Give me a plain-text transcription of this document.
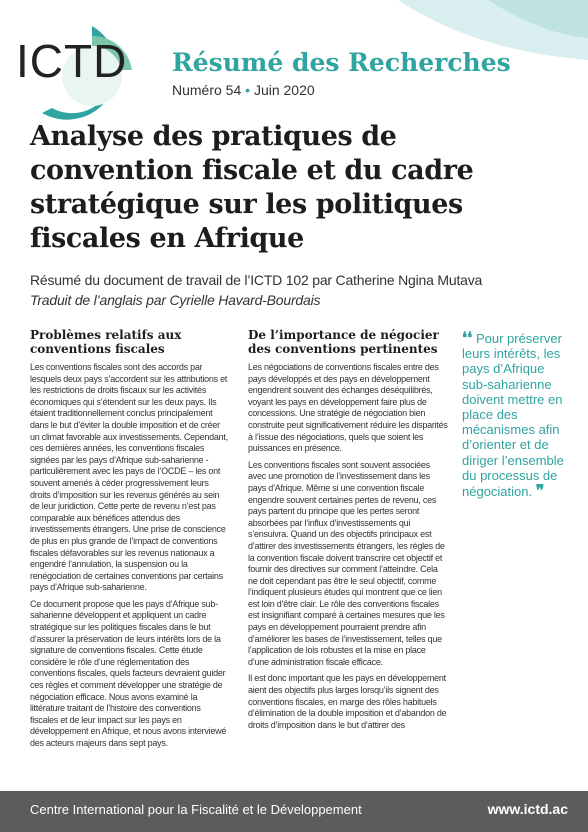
ICTD Résumé des Recherches
Numéro 54 • Juin 2020
Analyse des pratiques de convention fiscale et du cadre stratégique sur les politiques fiscales en Afrique
Résumé du document de travail de l’ICTD 102 par Catherine Ngina Mutava
Traduit de l’anglais par Cyrielle Havard-Bourdais
Problèmes relatifs aux conventions fiscales

Les conventions fiscales sont des accords par lesquels deux pays s’accordent sur les attributions et les restrictions de droits fiscaux sur les activités économiques qui s’étendent sur les deux pays. Ils étaient traditionnellement conclus principalement dans le but d’éviter la double imposition et de créer un climat favorable aux investissements. Cependant, ces dernières années, les conventions fiscales signées par les pays d’Afrique sub-saharienne -particulièrement avec les pays de l’OCDE – les ont souvent amenés à céder progressivement leurs droits d’imposition sur les revenus générés au sein de leur juridiction. Cette perte de revenu n’est pas comparable aux bénéfices attendus des investissements étrangers. Une prise de conscience de plus en plus grande de l’impact de conventions fiscales défavorables sur les revenus nationaux a engendré l’annulation, la suspension ou la renégociation de certaines conventions par certains pays d’Afrique sub-saharienne.

Ce document propose que les pays d’Afrique sub-saharienne développent et appliquent un cadre stratégique sur les politiques fiscales dans le but d’assurer la préservation de leurs intérêts lors de la signature de conventions fiscales. Cette étude considère le rôle d’une réglementation des conventions fiscales, quels facteurs devraient guider ces règles et comment développer une stratégie de négociation efficace. Nous avons examiné la littérature traitant de l’histoire des conventions fiscales et de leur impact sur les pays en développement en Afrique, et nous avons interviewé des acteurs majeurs dans sept pays.

De l’importance de négocier des conventions pertinentes

Les négociations de conventions fiscales entre des pays développés et des pays en développement engendrent souvent des échanges déséquilibrés, voyant les pays en développement faire plus de concessions. Une stratégie de négociation bien construite peut significativement réduire les disparités à l’issue des négociations, quels que soient les puissances en présence.

Les conventions fiscales sont souvent associées avec une promotion de l’investissement dans les pays d’Afrique. Même si une convention fiscale engendre souvent certaines pertes de revenu, ces pays partent du principe que les pertes seront absorbées par l’influx d’investissements qui s’ensuivra. Quand un des objectifs principaux est d’attirer des investissements étrangers, les règles de la convention fiscale doivent transcrire cet objectif et fournir des directives sur comment l’atteindre. Cela ne doit cependant pas être le seul objectif, comme l’indiquent plusieurs études qui montrent que ce lien est loin d’être clair. Le rôle des conventions fiscales est insignifiant comparé à certaines mesures que les pays en développement pourraient prendre afin d’améliorer les bases de l’investissement, telles que l’application de lois robustes et la mise en place d’une administration fiscale efficace.

Il est donc important que les pays en développement aient des objectifs plus larges lorsqu’ils signent des conventions fiscales, en marge des rôles habituels d’élimination de la double imposition et d’abandon de droits d’imposition dans le but d’attirer des

❛❛ Pour préserver leurs intérêts, les pays d’Afrique sub-saharienne doivent mettre en place des mécanismes afin d’orienter et de diriger l’ensemble du processus de négociation. ❞
Centre International pour la Fiscalité et le Développement	www.ictd.ac
